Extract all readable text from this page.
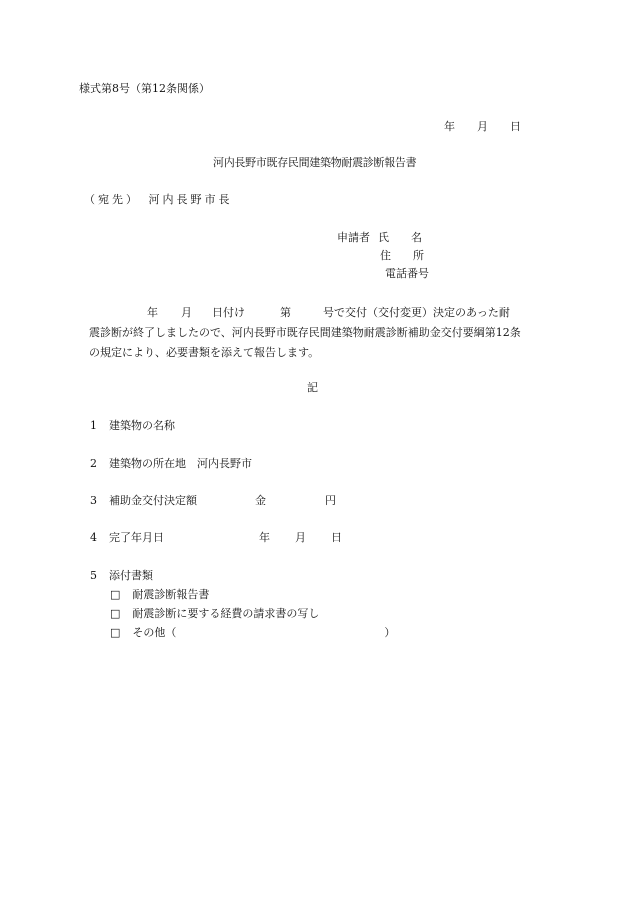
様式第8号（第12条関係）
年 月 日
河内長野市既存民間建築物耐震診断報告書
（宛先）　河内長野市長
申請者 氏　　名
住　　所
電話番号
年 月 日付け	第	号で交付（交付変更）決定のあった耐
震診断が終了しましたので、河内長野市既存民間建築物耐震診断補助金交付要綱第12条
の規定により、必要書類を添えて報告します。
記
1 建築物の名称
2 建築物の所在地 河内長野市
3 補助金交付決定額	金	円
4 完了年月日	年 月 日
5 添付書類
□ 耐震診断報告書
□ 耐震診断に要する経費の請求書の写し
□ その他（	）
